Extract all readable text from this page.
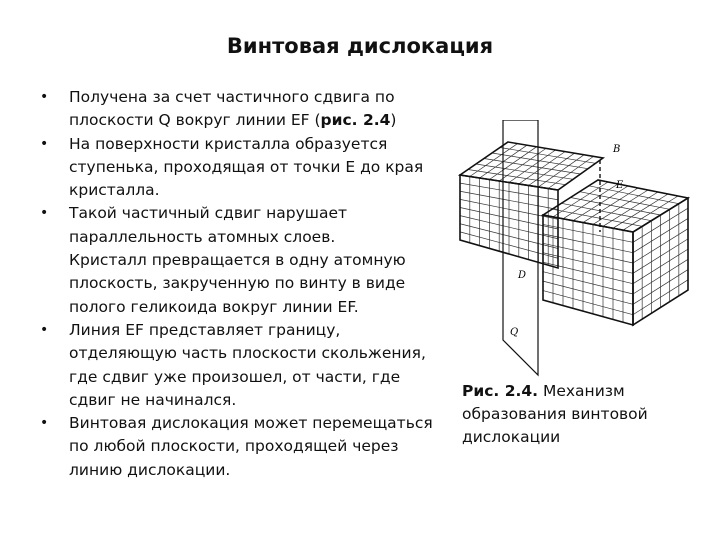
Винтовая дислокация
• Получена за счет частичного сдвига по плоскости Q вокруг линии EF (рис. 2.4)
• На поверхности кристалла образуется ступенька, проходящая от точки E до края кристалла.
• Такой частичный сдвиг нарушает параллельность атомных слоев.
Кристалл превращается в одну атомную плоскость, закрученную по винту в виде полого геликоида вокруг линии EF.
• Линия EF представляет границу, отделяющую часть плоскости скольжения, где сдвиг уже произошел, от части, где сдвиг не начинался.
• Винтовая дислокация может перемещаться по любой плоскости, проходящей через линию дислокации.
B
E
D
Q
Рис. 2.4. Механизм образования винтовой дислокации
